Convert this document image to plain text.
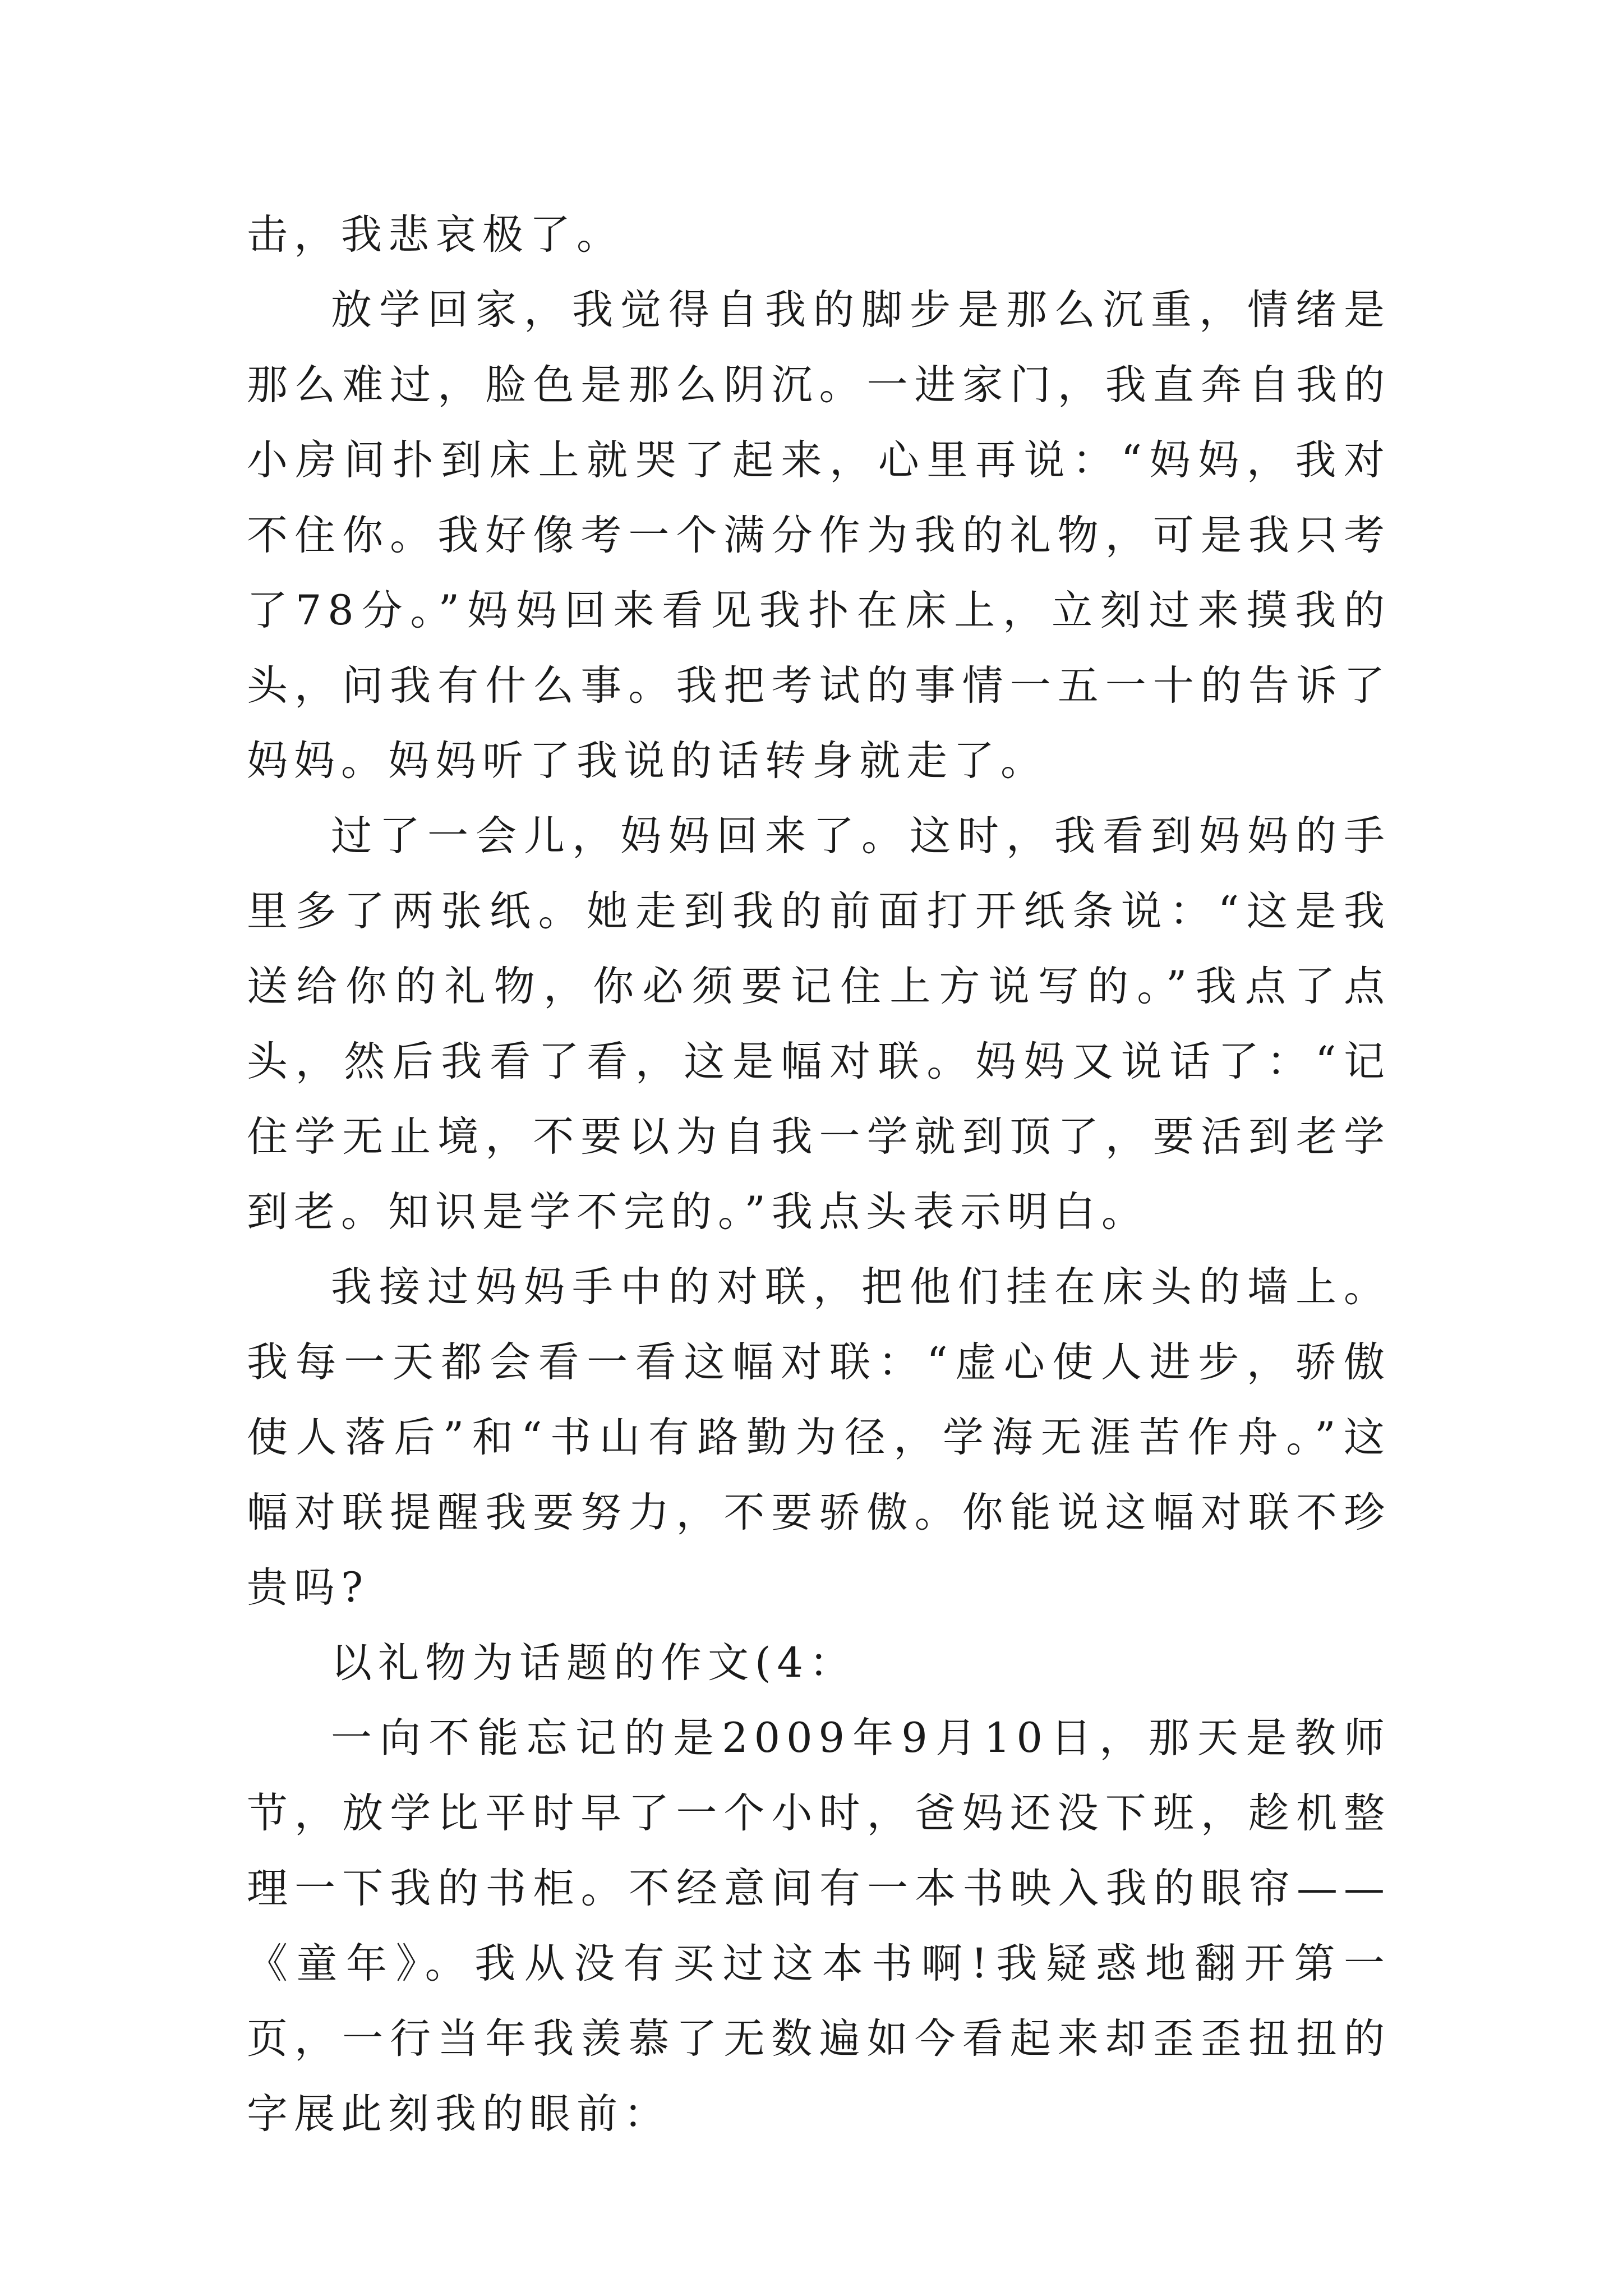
击，我悲哀极了。

放学回家，我觉得自我的脚步是那么沉重，情绪是那么难过，脸色是那么阴沉。一进家门，我直奔自我的小房间扑到床上就哭了起来，心里再说：“妈妈，我对不住你。我好像考一个满分作为我的礼物，可是我只考了78分。”妈妈回来看见我扑在床上，立刻过来摸我的头，问我有什么事。我把考试的事情一五一十的告诉了妈妈。妈妈听了我说的话转身就走了。

过了一会儿，妈妈回来了。这时，我看到妈妈的手里多了两张纸。她走到我的前面打开纸条说：“这是我送给你的礼物，你必须要记住上方说写的。”我点了点头，然后我看了看，这是幅对联。妈妈又说话了：“记住学无止境，不要以为自我一学就到顶了，要活到老学到老。知识是学不完的。”我点头表示明白。

我接过妈妈手中的对联，把他们挂在床头的墙上。我每一天都会看一看这幅对联：“虚心使人进步，骄傲使人落后”和“书山有路勤为径，学海无涯苦作舟。”这幅对联提醒我要努力，不要骄傲。你能说这幅对联不珍贵吗?

以礼物为话题的作文(4：

一向不能忘记的是2009年9月10日，那天是教师节，放学比平时早了一个小时，爸妈还没下班，趁机整理一下我的书柜。不经意间有一本书映入我的眼帘——《童年》。我从没有买过这本书啊!我疑惑地翻开第一页，一行当年我羡慕了无数遍如今看起来却歪歪扭扭的字展此刻我的眼前：
